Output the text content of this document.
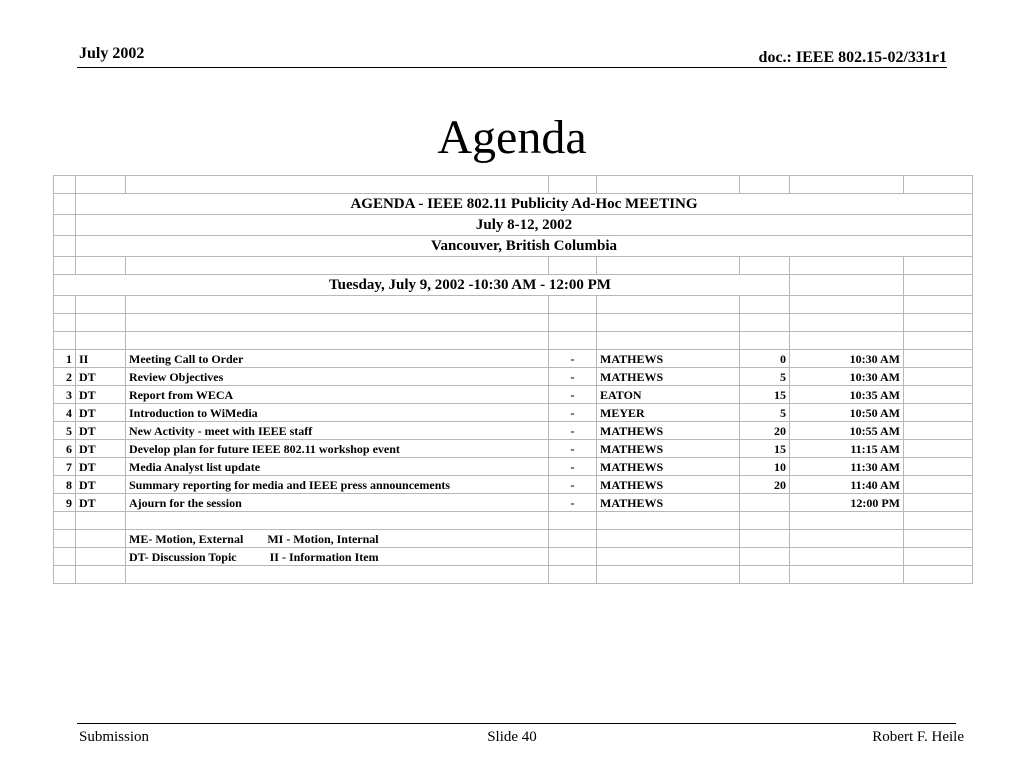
July 2002	doc.: IEEE 802.15-02/331r1
Agenda

	AGENDA - IEEE 802.11 Publicity Ad-Hoc MEETING						
	July 8-12, 2002						
	Vancouver, British Columbia						

Tuesday, July 9, 2002 -10:30 AM - 12:00 PM							

1	II	Meeting Call to Order	-	MATHEWS	0	10:30 AM	
2	DT	Review Objectives	-	MATHEWS	5	10:30 AM	
3	DT	Report from WECA	-	EATON	15	10:35 AM	
4	DT	Introduction to WiMedia	-	MEYER	5	10:50 AM	
5	DT	New Activity - meet with IEEE staff	-	MATHEWS	20	10:55 AM	
6	DT	Develop plan for future IEEE 802.11 workshop event	-	MATHEWS	15	11:15 AM	
7	DT	Media Analyst list update	-	MATHEWS	10	11:30 AM	
8	DT	Summary reporting for media and IEEE press announcements	-	MATHEWS	20	11:40 AM	
9	DT	Ajourn for the session	-	MATHEWS		12:00 PM	

		ME- Motion, External        MI - Motion, Internal					
		DT- Discussion Topic           II - Information Item					

Submission	Slide 40	Robert F. Heile
